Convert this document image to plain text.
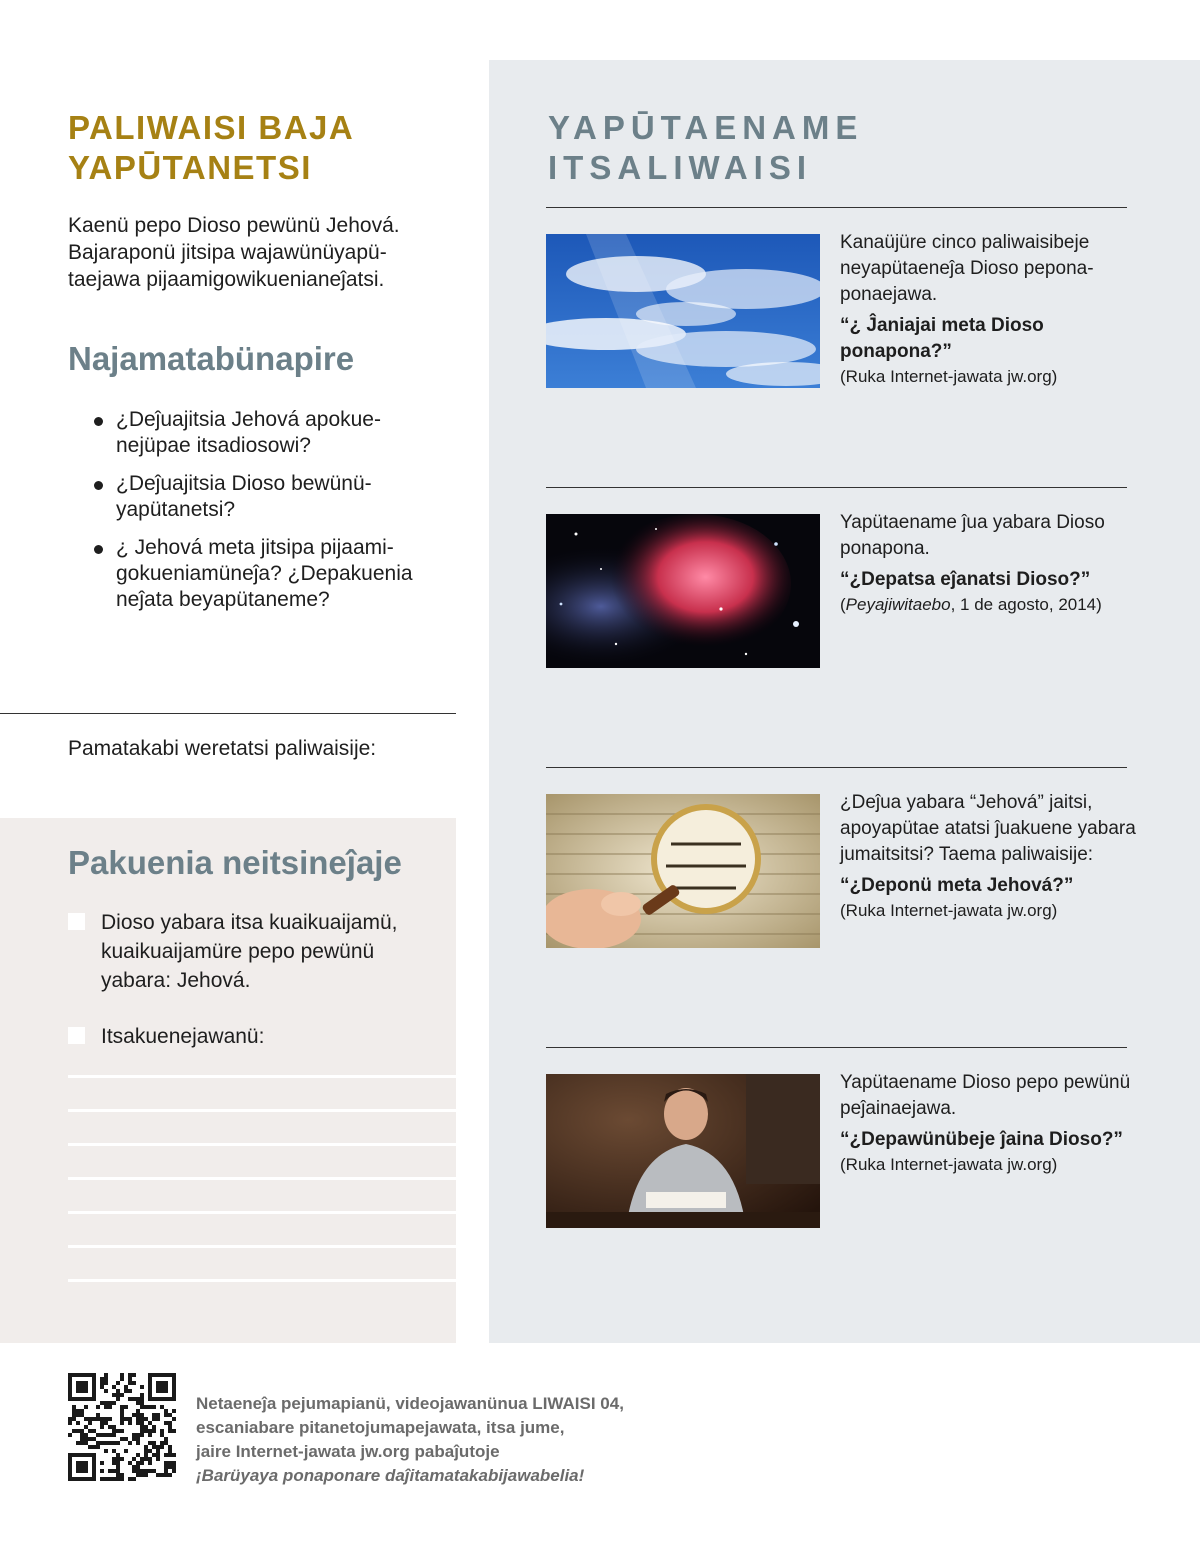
PALIWAISI BAJA
YAPŪTANETSI

Kaenü pepo Dioso pewünü Jehová. Bajaraponü jitsipa wajawünüyapütaejawa pijaamigowikuenianeĵatsi.

Najamatabünapire
¿Deĵuajitsia Jehová apokuenejüpae itsadiosowi?
¿Deĵuajitsia Dioso bewünüyapütanetsi?
¿ Jehová meta jitsipa pijaamigokueniamüneĵa? ¿Depakuenia neĵata beyapütaneme?

Pamatakabi weretatsi paliwaisije:

Pakuenia neitsineĵaje
Dioso yabara itsa kuaikuaijamü, kuaikuaijamüre pepo pewünü yabara: Jehová.
Itsakuenejawanü:
YAPŪTAENAME
ITSALIWAISI
Kanaüjüre cinco paliwaisibeje neyapütaeneĵa Dioso peponaponaejawa.
“¿ Ĵaniajai meta Dioso ponapona?”
(Ruka Internet-jawata jw.org)
Yapütaename ĵua yabara Dioso ponapona.
“¿Depatsa eĵanatsi Dioso?”
(Peyajiwitaebo, 1 de agosto, 2014)
¿Deĵua yabara “Jehová” jaitsi, apoyapütae atatsi ĵuakuene yabara jumaitsitsi? Taema paliwaisije:
“¿Deponü meta Jehová?”
(Ruka Internet-jawata jw.org)
Yapütaename Dioso pepo pewünü peĵainaejawa.
“¿Depawünübeje ĵaina Dioso?”
(Ruka Internet-jawata jw.org)
Netaeneĵa pejumapianü, videojawanünua LIWAISI 04,
escaniabare pitanetojumapejawata, itsa jume,
jaire Internet-jawata jw.org pabaĵutoje
¡Barüyaya ponaponare daĵitamatakabijawabelia!
